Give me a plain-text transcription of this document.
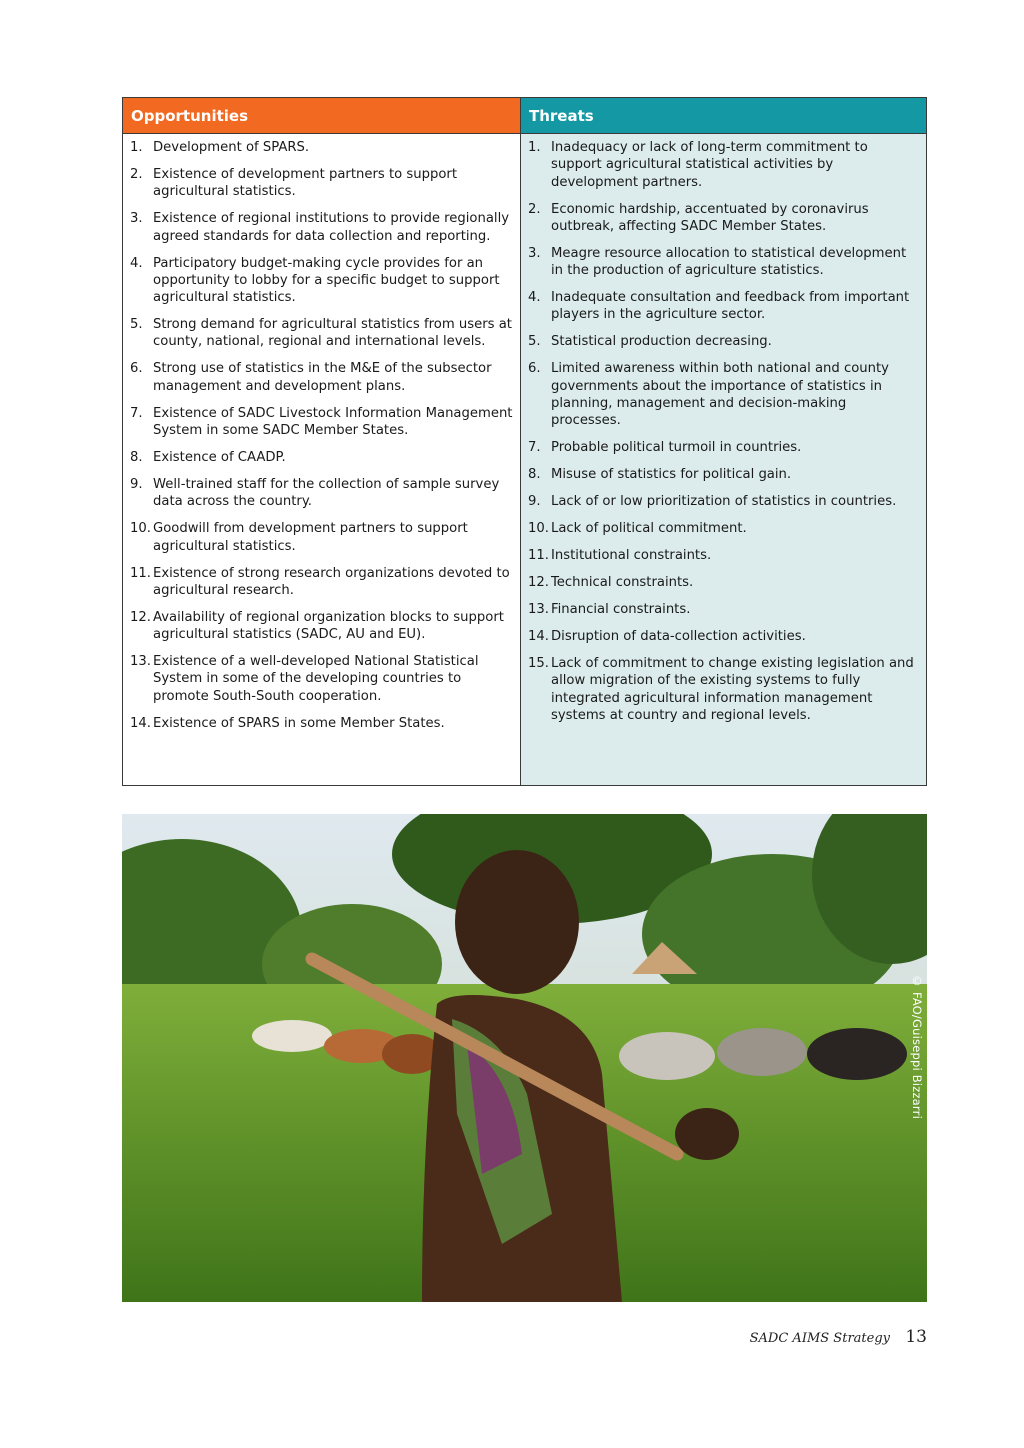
Opportunities	Threats
1. Development of SPARS.
2. Existence of development partners to support agricultural statistics.
3. Existence of regional institutions to provide regionally agreed standards for data collection and reporting.
4. Participatory budget-making cycle provides for an opportunity to lobby for a specific budget to support agricultural statistics.
5. Strong demand for agricultural statistics from users at county, national, regional and international levels.
6. Strong use of statistics in the M&E of the subsector management and development plans.
7. Existence of SADC Livestock Information Management System in some SADC Member States.
8. Existence of CAADP.
9. Well-trained staff for the collection of sample survey data across the country.
10. Goodwill from development partners to support agricultural statistics.
11. Existence of strong research organizations devoted to agricultural research.
12. Availability of regional organization blocks to support agricultural statistics (SADC, AU and EU).
13. Existence of a well-developed National Statistical System in some of the developing countries to promote South-South cooperation.
14. Existence of SPARS in some Member States.
1. Inadequacy or lack of long-term commitment to support agricultural statistical activities by development partners.
2. Economic hardship, accentuated by coronavirus outbreak, affecting SADC Member States.
3. Meagre resource allocation to statistical development in the production of agriculture statistics.
4. Inadequate consultation and feedback from important players in the agriculture sector.
5. Statistical production decreasing.
6. Limited awareness within both national and county governments about the importance of statistics in planning, management and decision-making processes.
7. Probable political turmoil in countries.
8. Misuse of statistics for political gain.
9. Lack of or low prioritization of statistics in countries.
10. Lack of political commitment.
11. Institutional constraints.
12. Technical constraints.
13. Financial constraints.
14. Disruption of data-collection activities.
15. Lack of commitment to change existing legislation and allow migration of the existing systems to fully integrated agricultural information management systems at country and regional levels.
© FAO/Guiseppi Bizzarri
SADC AIMS Strategy 13
